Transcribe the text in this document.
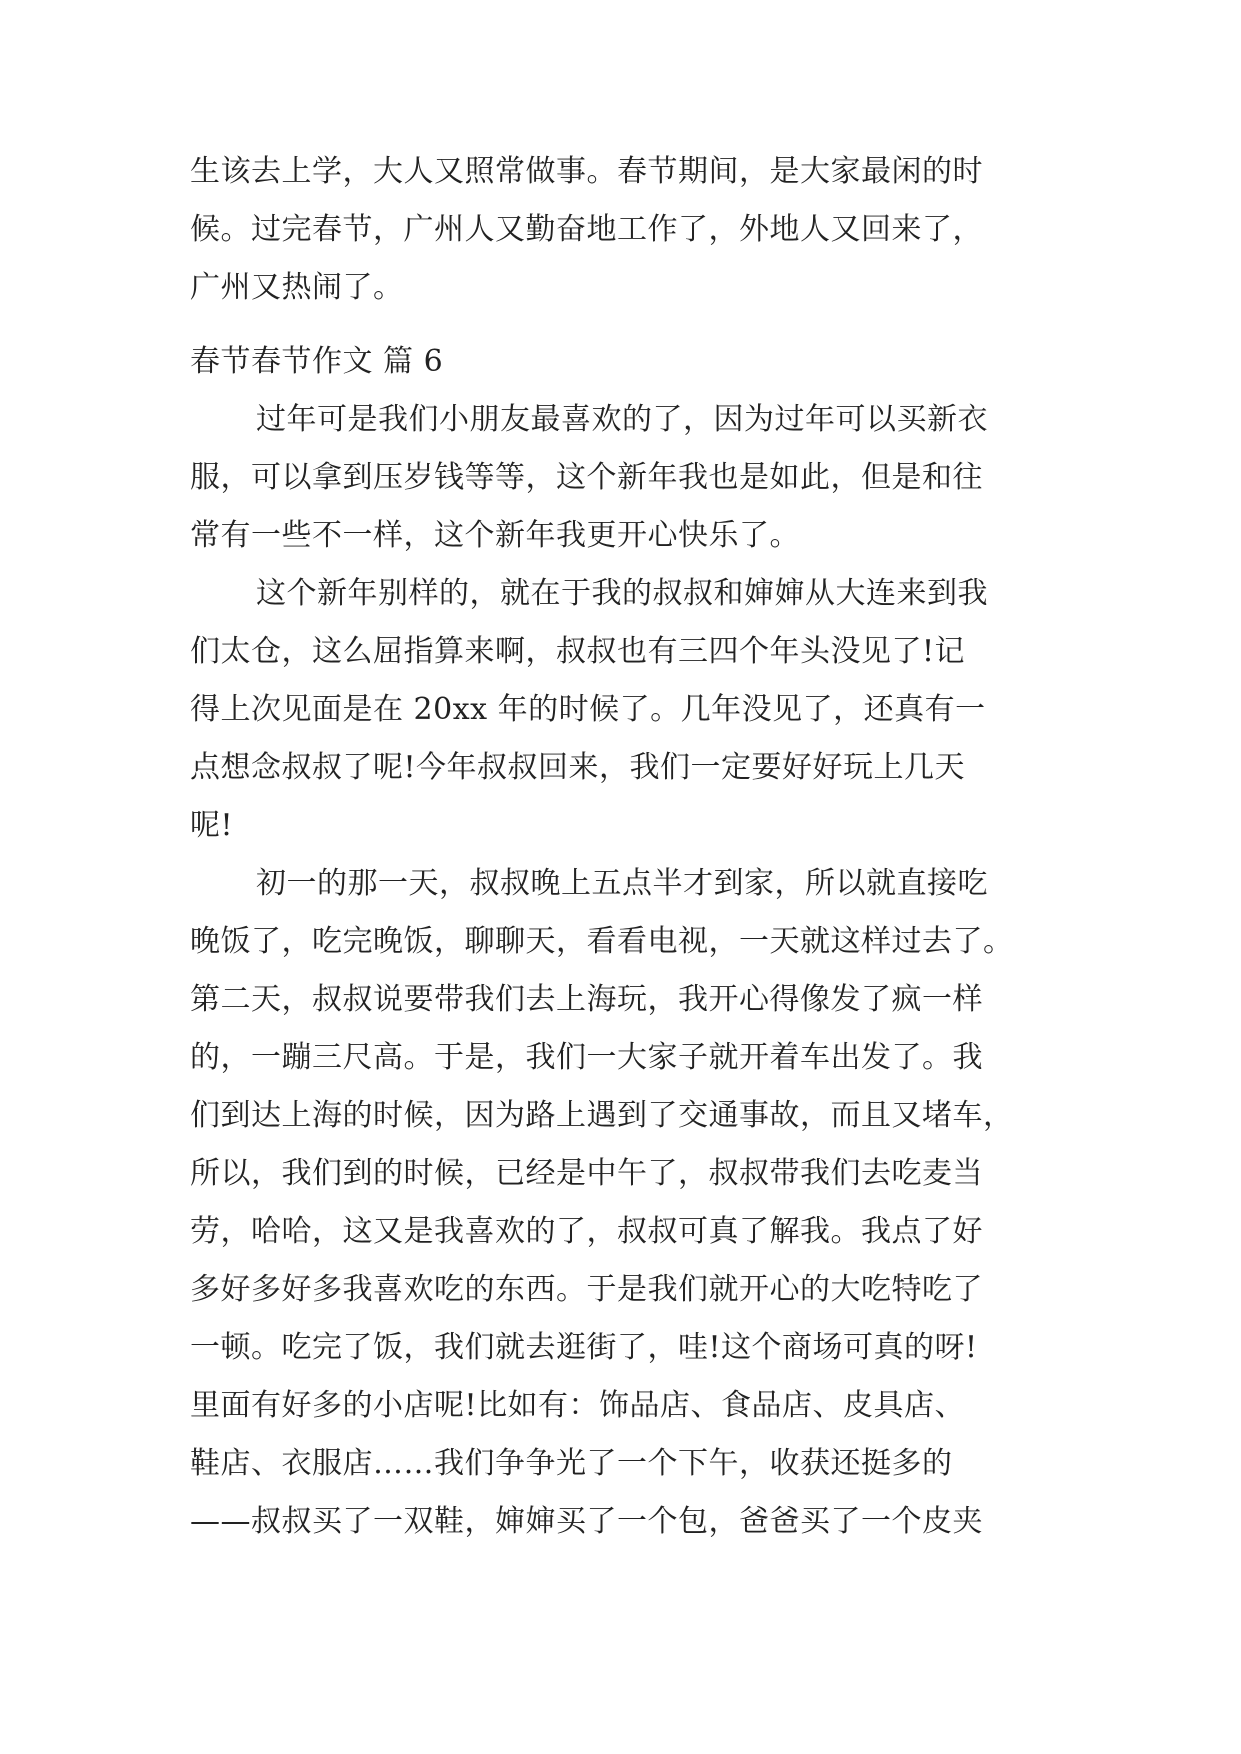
生该去上学，大人又照常做事。春节期间，是大家最闲的时
候。过完春节，广州人又勤奋地工作了，外地人又回来了，
广州又热闹了。
春节春节作文 篇 6
过年可是我们小朋友最喜欢的了，因为过年可以买新衣
服，可以拿到压岁钱等等，这个新年我也是如此，但是和往
常有一些不一样，这个新年我更开心快乐了。
这个新年别样的，就在于我的叔叔和婶婶从大连来到我
们太仓，这么屈指算来啊，叔叔也有三四个年头没见了!记
得上次见面是在 20xx 年的时候了。几年没见了，还真有一
点想念叔叔了呢!今年叔叔回来，我们一定要好好玩上几天
呢!
初一的那一天，叔叔晚上五点半才到家，所以就直接吃
晚饭了，吃完晚饭，聊聊天，看看电视，一天就这样过去了。
第二天，叔叔说要带我们去上海玩，我开心得像发了疯一样
的，一蹦三尺高。于是，我们一大家子就开着车出发了。我
们到达上海的时候，因为路上遇到了交通事故，而且又堵车，
所以，我们到的时候，已经是中午了，叔叔带我们去吃麦当
劳，哈哈，这又是我喜欢的了，叔叔可真了解我。我点了好
多好多好多我喜欢吃的东西。于是我们就开心的大吃特吃了
一顿。吃完了饭，我们就去逛街了，哇!这个商场可真的呀!
里面有好多的小店呢!比如有：饰品店、食品店、皮具店、
鞋店、衣服店……我们争争光了一个下午，收获还挺多的
——叔叔买了一双鞋，婶婶买了一个包，爸爸买了一个皮夹
